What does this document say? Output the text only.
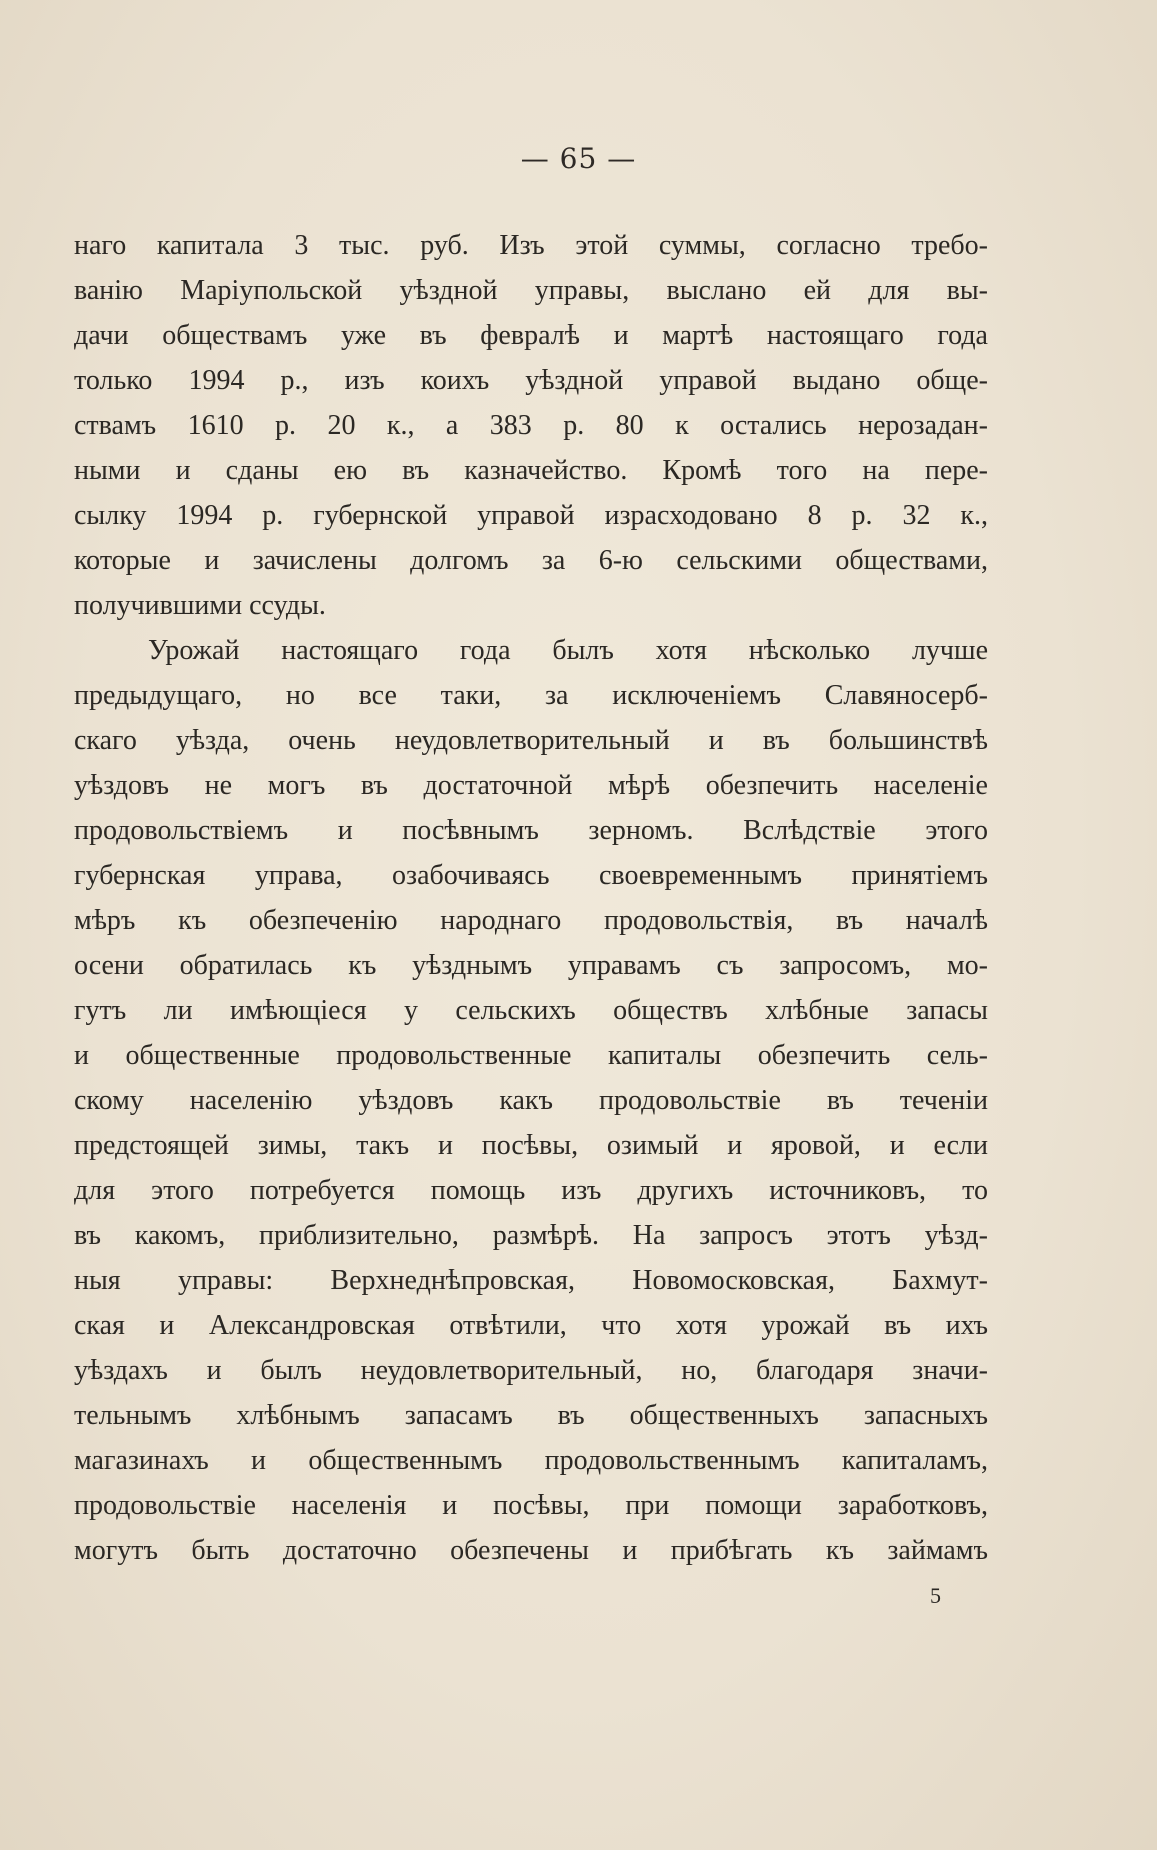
— 65 —
наго капитала 3 тыс. руб. Изъ этой суммы, согласно требо-
ванію Маріупольской уѣздной управы, выслано ей для вы-
дачи обществамъ уже въ февралѣ и мартѣ настоящаго года
только 1994 р., изъ коихъ уѣздной управой выдано обще-
ствамъ 1610 р. 20 к., а 383 р. 80 к остались нерозадан-
ными и сданы ею въ казначейство. Кромѣ того на пере-
сылку 1994 р. губернской управой израсходовано 8 р. 32 к.,
которые и зачислены долгомъ за 6-ю сельскими обществами,
получившими ссуды.
Урожай настоящаго года былъ хотя нѣсколько лучше
предыдущаго, но все таки, за исключеніемъ Славяносерб-
скаго уѣзда, очень неудовлетворительный и въ большинствѣ
уѣздовъ не могъ въ достаточной мѣрѣ обезпечить населеніе
продовольствіемъ и посѣвнымъ зерномъ. Вслѣдствіе этого
губернская управа, озабочиваясь своевременнымъ принятіемъ
мѣръ къ обезпеченію народнаго продовольствія, въ началѣ
осени обратилась къ уѣзднымъ управамъ съ запросомъ, мо-
гутъ ли имѣющіеся у сельскихъ обществъ хлѣбные запасы
и общественные продовольственные капиталы обезпечить сель-
скому населенію уѣздовъ какъ продовольствіе въ теченіи
предстоящей зимы, такъ и посѣвы, озимый и яровой, и если
для этого потребуется помощь изъ другихъ источниковъ, то
въ какомъ, приблизительно, размѣрѣ. На запросъ этотъ уѣзд-
ныя управы: Верхнеднѣпровская, Новомосковская, Бахмут-
ская и Александровская отвѣтили, что хотя урожай въ ихъ
уѣздахъ и былъ неудовлетворительный, но, благодаря значи-
тельнымъ хлѣбнымъ запасамъ въ общественныхъ запасныхъ
магазинахъ и общественнымъ продовольственнымъ капиталамъ,
продовольствіе населенія и посѣвы, при помощи заработковъ,
могутъ быть достаточно обезпечены и прибѣгать къ займамъ
5
